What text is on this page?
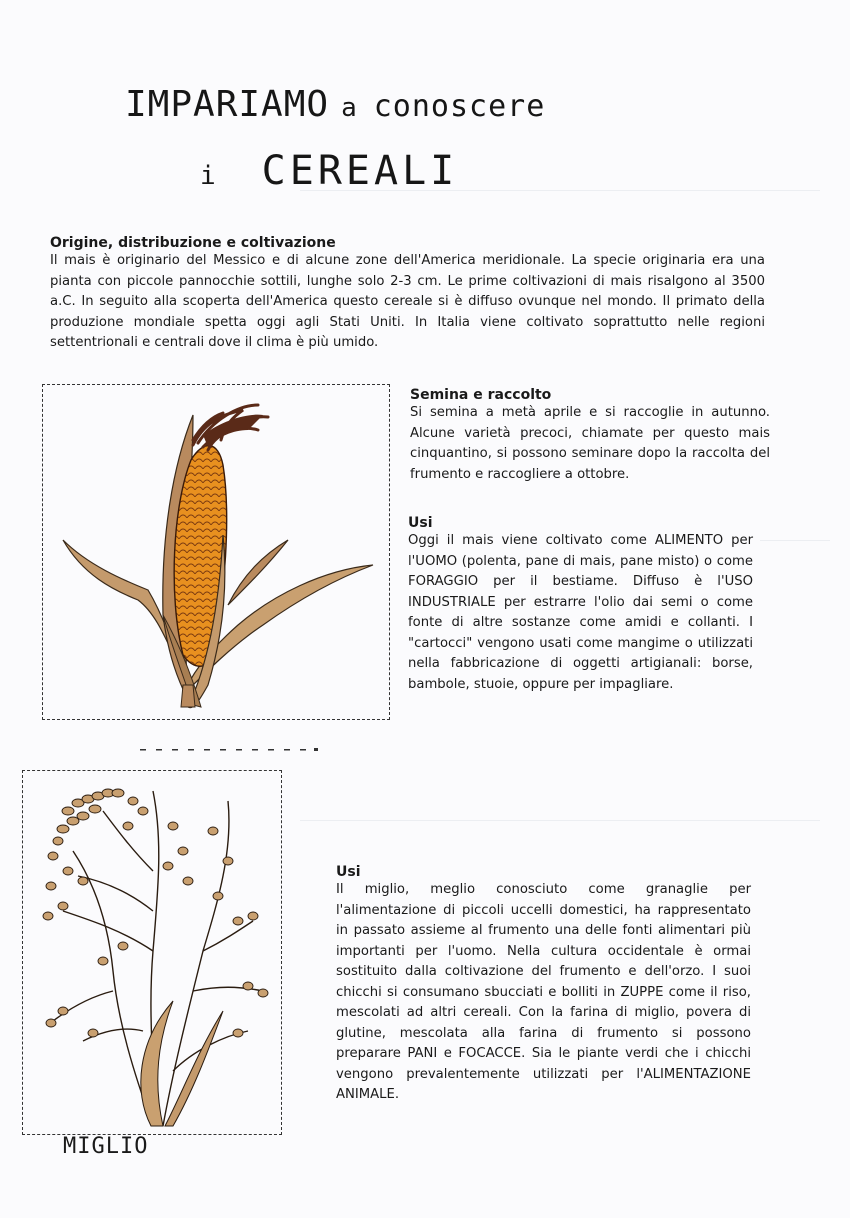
IMPARIAMO a conoscere
i CEREALI
Origine, distribuzione e coltivazione
Il mais è originario del Messico e di alcune zone dell'America meridionale. La specie originaria era una pianta con piccole pannocchie sottili, lunghe solo 2-3 cm. Le prime coltivazioni di mais risalgono al 3500 a.C. In seguito alla scoperta dell'America questo cereale si è diffuso ovunque nel mondo. Il primato della produzione mondiale spetta oggi agli Stati Uniti. In Italia viene coltivato soprattutto nelle regioni settentrionali e centrali dove il clima è più umido.
Semina e raccolto
Si semina a metà aprile e si raccoglie in autunno. Alcune varietà precoci, chiamate per questo mais cinquantino, si possono seminare dopo la raccolta del frumento e raccogliere a ottobre.
Usi
Oggi il mais viene coltivato come ALIMENTO per l'UOMO (polenta, pane di mais, pane misto) o come FORAGGIO per il bestiame. Diffuso è l'USO INDUSTRIALE per estrarre l'olio dai semi o come fonte di altre sostanze come amidi e collanti. I "cartocci" vengono usati come mangime o utilizzati nella fabbricazione di oggetti artigianali: borse, bambole, stuoie, oppure per impagliare.
Usi
Il miglio, meglio conosciuto come granaglie per l'alimentazione di piccoli uccelli domestici, ha rappresentato in passato assieme al frumento una delle fonti alimentari più importanti per l'uomo. Nella cultura occidentale è ormai sostituito dalla coltivazione del frumento e dell'orzo. I suoi chicchi si consumano sbucciati e bolliti in ZUPPE come il riso, mescolati ad altri cereali. Con la farina di miglio, povera di glutine, mescolata alla farina di frumento si possono preparare PANI e FOCACCE. Sia le piante verdi che i chicchi vengono prevalentemente utilizzati per l'ALIMENTAZIONE ANIMALE.
MIGLIO
